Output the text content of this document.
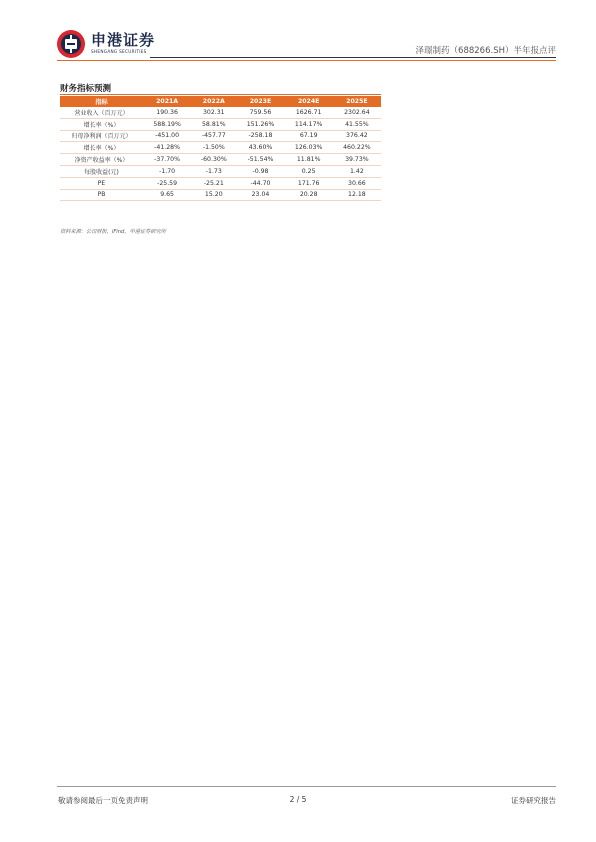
申港证券
SHENGANG SECURITIES	泽璟制药（688266.SH）半年报点评
财务指标预测
指标	2021A	2022A	2023E	2024E	2025E
营业收入（百万元）	190.36	302.31	759.56	1626.71	2302.64
增长率（%）	588.19%	58.81%	151.26%	114.17%	41.55%
归母净利润（百万元）	-451.00	-457.77	-258.18	67.19	376.42
增长率（%）	-41.28%	-1.50%	43.60%	126.03%	460.22%
净资产收益率（%）	-37.70%	-60.30%	-51.54%	11.81%	39.73%
每股收益(元)	-1.70	-1.73	-0.98	0.25	1.42
PE	-25.59	-25.21	-44.70	171.76	30.66
PB	9.65	15.20	23.04	20.28	12.18
资料来源：公司财报，iFind，申港证券研究所
敬请参阅最后一页免责声明	2 / 5	证券研究报告
